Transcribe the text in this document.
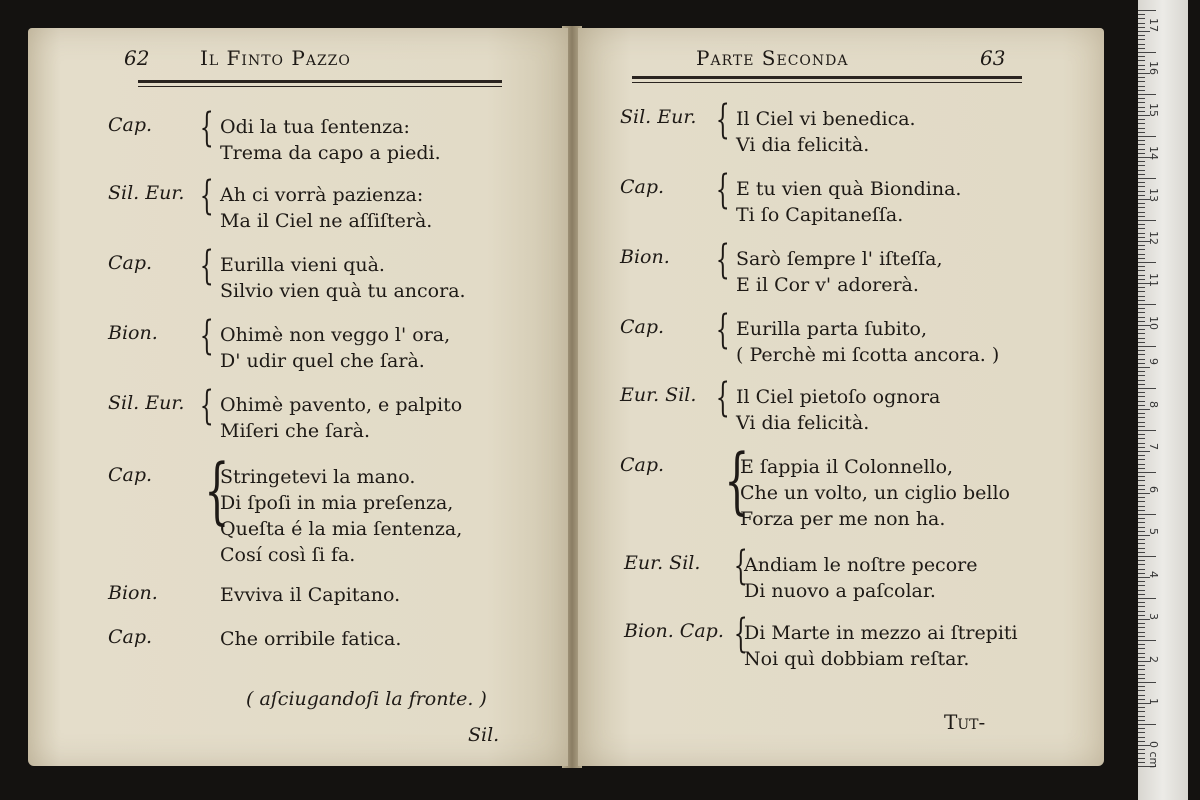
62	Il Finto Pazzo
Cap. { Odi la tua ſentenza:
Trema da capo a piedi.
Sil. Eur. { Ah ci vorrà pazienza:
Ma il Ciel ne aſſiſterà.
Cap. { Eurilla vieni quà.
Silvio vien quà tu ancora.
Bion. { Ohimè non veggo l' ora,
D' udir quel che ſarà.
Sil. Eur. { Ohimè pavento, e palpito
Miſeri che ſarà.
Cap. {
Stringetevi la mano.
Di ſpoſi in mia preſenza,
Queſta é la mia ſentenza,
Cosí così ſi fa.
Bion.	Evviva il Capitano.
Cap.	Che orribile fatica.
( aſciugandoſi la fronte. )
Sil.
Parte Seconda	63
Sil. Eur. { Il Ciel vi benedica.
Vi dia felicità.
Cap. { E tu vien quà Biondina.
Ti ſo Capitaneſſa.
Bion. { Sarò ſempre l' iſteſſa,
E il Cor v' adorerà.
Cap. { Eurilla parta ſubito,
( Perchè mi ſcotta ancora. )
Eur. Sil. { Il Ciel pietoſo ognora
Vi dia felicità.
Cap. {
E ſappia il Colonnello,
Che un volto, un ciglio bello
Forza per me non ha.
Eur. Sil. {
Andiam le noſtre pecore
Di nuovo a paſcolar.
Bion. Cap. {
Di Marte in mezzo ai ſtrepiti
Noi quì dobbiam reſtar.
Tut-
17
16
15
14
13
12
11
10
9
8
7
6
5
4
3
2
1
0 cm
